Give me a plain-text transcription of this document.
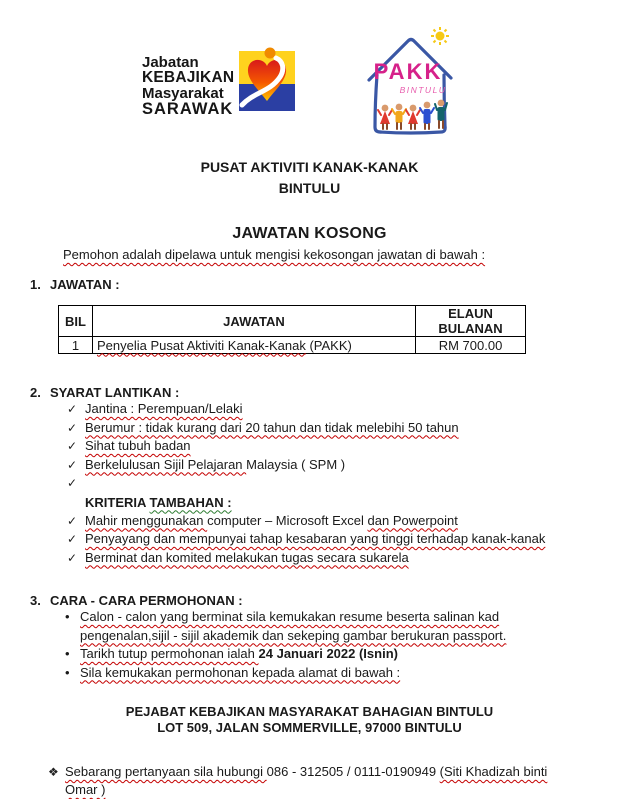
Jabatan
KEBAJIKAN
Masyarakat
SARAWAK
PAKK
BINTULU
PUSAT AKTIVITI KANAK-KANAK
BINTULU
JAWATAN KOSONG
Pemohon adalah dipelawa untuk mengisi kekosongan jawatan di bawah :
1. JAWATAN :
BIL	JAWATAN	ELAUN BULANAN
1	Penyelia Pusat Aktiviti Kanak-Kanak (PAKK)	RM 700.00
2. SYARAT LANTIKAN :
✓ Jantina : Perempuan/Lelaki
✓ Berumur : tidak kurang dari 20 tahun dan tidak melebihi 50 tahun
✓ Sihat tubuh badan
✓ Berkelulusan Sijil Pelajaran Malaysia ( SPM )
✓
KRITERIA TAMBAHAN :
✓ Mahir menggunakan computer – Microsoft Excel dan Powerpoint
✓ Penyayang dan mempunyai tahap kesabaran yang tinggi terhadap kanak-kanak
✓ Berminat dan komited melakukan tugas secara sukarela
3. CARA - CARA PERMOHONAN :
• Calon - calon yang berminat sila kemukakan resume beserta salinan kad pengenalan,sijil - sijil akademik dan sekeping gambar berukuran passport.
• Tarikh tutup permohonan ialah 24 Januari 2022 (Isnin)
• Sila kemukakan permohonan kepada alamat di bawah :
PEJABAT KEBAJIKAN MASYARAKAT BAHAGIAN BINTULU
LOT 509, JALAN SOMMERVILLE, 97000 BINTULU
❖ Sebarang pertanyaan sila hubungi 086 - 312505 / 0111-0190949 (Siti Khadizah binti Omar )
